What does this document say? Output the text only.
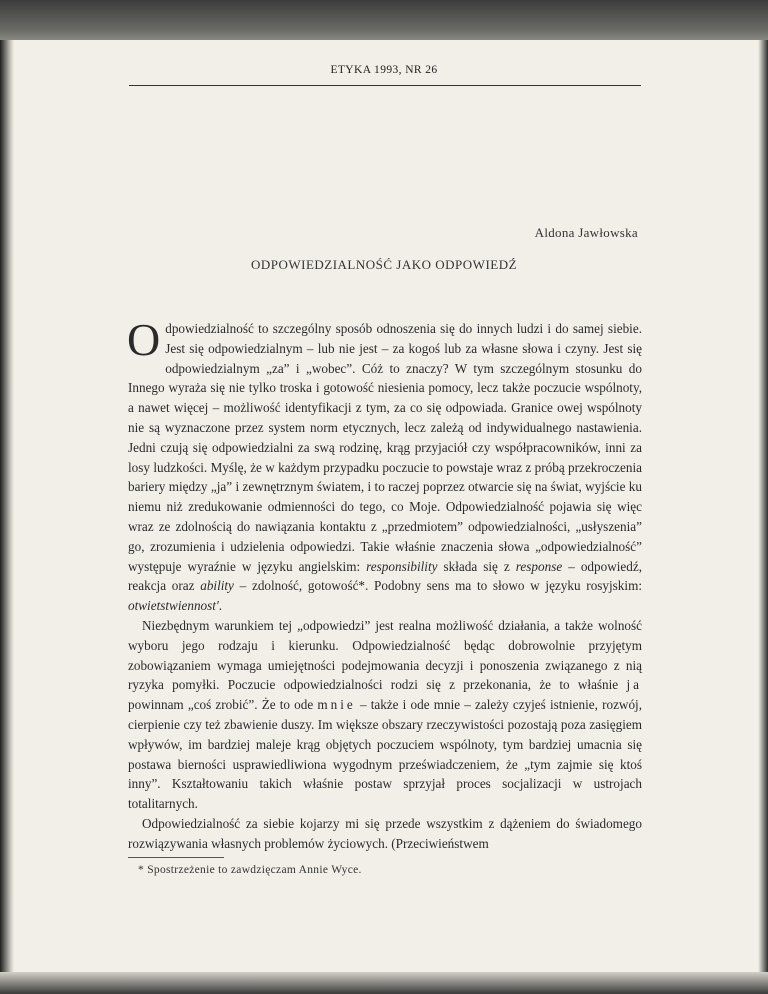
ETYKA 1993, NR 26
Aldona Jawłowska
ODPOWIEDZIALNOŚĆ JAKO ODPOWIEDŹ

Odpowiedzialność to szczególny sposób odnoszenia się do innych ludzi i do samej siebie. Jest się odpowiedzialnym – lub nie jest – za kogoś lub za własne słowa i czyny. Jest się odpowiedzialnym „za” i „wobec”. Cóż to znaczy? W tym szczególnym stosunku do Innego wyraża się nie tylko troska i gotowość niesienia pomocy, lecz także poczucie wspólnoty, a nawet więcej – możliwość identyfikacji z tym, za co się odpowiada. Granice owej wspólnoty nie są wyznaczone przez system norm etycznych, lecz zależą od indywidualnego nastawienia. Jedni czują się odpowiedzialni za swą rodzinę, krąg przyjaciół czy współpracowników, inni za losy ludzkości. Myślę, że w każdym przypadku poczucie to powstaje wraz z próbą przekroczenia bariery między „ja” i zewnętrznym światem, i to raczej poprzez otwarcie się na świat, wyjście ku niemu niż zredukowanie odmienności do tego, co Moje. Odpowiedzialność pojawia się więc wraz ze zdolnością do nawiązania kontaktu z „przedmiotem” odpowiedzialności, „usłyszenia” go, zrozumienia i udzielenia odpowiedzi. Takie właśnie znaczenia słowa „odpowiedzialność” występuje wyraźnie w języku angielskim: responsibility składa się z response – odpowiedź, reakcja oraz ability – zdolność, gotowość*. Podobny sens ma to słowo w języku rosyjskim: otwietstwiennost'.

Niezbędnym warunkiem tej „odpowiedzi” jest realna możliwość działania, a także wolność wyboru jego rodzaju i kierunku. Odpowiedzialność będąc dobrowolnie przyjętym zobowiązaniem wymaga umiejętności podejmowania decyzji i ponoszenia związanego z nią ryzyka pomyłki. Poczucie odpowiedzialności rodzi się z przekonania, że to właśnie ja powinnam „coś zrobić”. Że to ode mnie – także i ode mnie – zależy czyjeś istnienie, rozwój, cierpienie czy też zbawienie duszy. Im większe obszary rzeczywistości pozostają poza zasięgiem wpływów, im bardziej maleje krąg objętych poczuciem wspólnoty, tym bardziej umacnia się postawa bierności usprawiedliwiona wygodnym przeświadczeniem, że „tym zajmie się ktoś inny”. Kształtowaniu takich właśnie postaw sprzyjał proces socjalizacji w ustrojach totalitarnych.

Odpowiedzialność za siebie kojarzy mi się przede wszystkim z dążeniem do świadomego rozwiązywania własnych problemów życiowych. (Przeciwieństwem

* Spostrzeżenie to zawdzięczam Annie Wyce.
